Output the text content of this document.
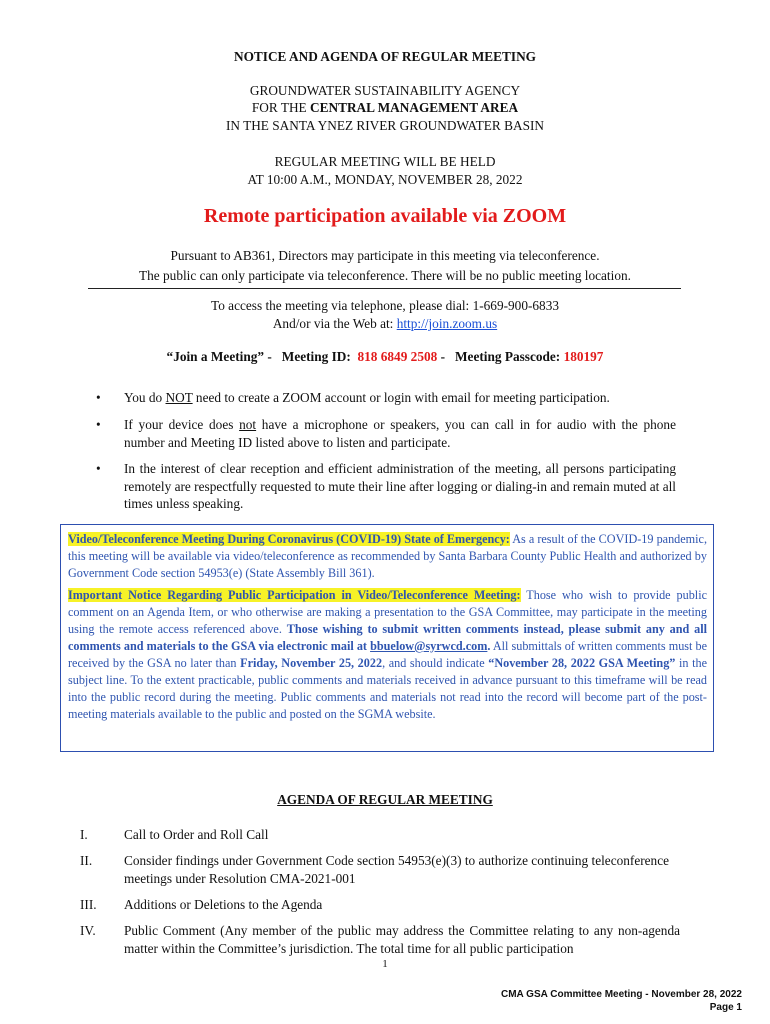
NOTICE AND AGENDA OF REGULAR MEETING
GROUNDWATER SUSTAINABILITY AGENCY
FOR THE CENTRAL MANAGEMENT AREA
IN THE SANTA YNEZ RIVER GROUNDWATER BASIN
REGULAR MEETING WILL BE HELD
AT 10:00 A.M., MONDAY, NOVEMBER 28, 2022
Remote participation available via ZOOM
Pursuant to AB361, Directors may participate in this meeting via teleconference.
The public can only participate via teleconference. There will be no public meeting location.
To access the meeting via telephone, please dial: 1-669-900-6833
And/or via the Web at: http://join.zoom.us
“Join a Meeting” -   Meeting ID:  818 6849 2508 -   Meeting Passcode: 180197
• You do NOT need to create a ZOOM account or login with email for meeting participation.
• If your device does not have a microphone or speakers, you can call in for audio with the phone number and Meeting ID listed above to listen and participate.
• In the interest of clear reception and efficient administration of the meeting, all persons participating remotely are respectfully requested to mute their line after logging or dialing-in and remain muted at all times unless speaking.

Video/Teleconference Meeting During Coronavirus (COVID-19) State of Emergency: As a result of the COVID-19 pandemic, this meeting will be available via video/teleconference as recommended by Santa Barbara County Public Health and authorized by Government Code section 54953(e) (State Assembly Bill 361).

Important Notice Regarding Public Participation in Video/Teleconference Meeting: Those who wish to provide public comment on an Agenda Item, or who otherwise are making a presentation to the GSA Committee, may participate in the meeting using the remote access referenced above. Those wishing to submit written comments instead, please submit any and all comments and materials to the GSA via electronic mail at bbuelow@syrwcd.com. All submittals of written comments must be received by the GSA no later than Friday, November 25, 2022, and should indicate “November 28, 2022 GSA Meeting” in the subject line. To the extent practicable, public comments and materials received in advance pursuant to this timeframe will be read into the public record during the meeting. Public comments and materials not read into the record will become part of the post-meeting materials available to the public and posted on the SGMA website.

AGENDA OF REGULAR MEETING
I.	Call to Order and Roll Call
II. Consider findings under Government Code section 54953(e)(3) to authorize continuing teleconference meetings under Resolution CMA-2021-001
III. Additions or Deletions to the Agenda
IV. Public Comment (Any member of the public may address the Committee relating to any non-agenda matter within the Committee’s jurisdiction. The total time for all public participation
1
CMA GSA Committee Meeting - November 28, 2022
Page 1
